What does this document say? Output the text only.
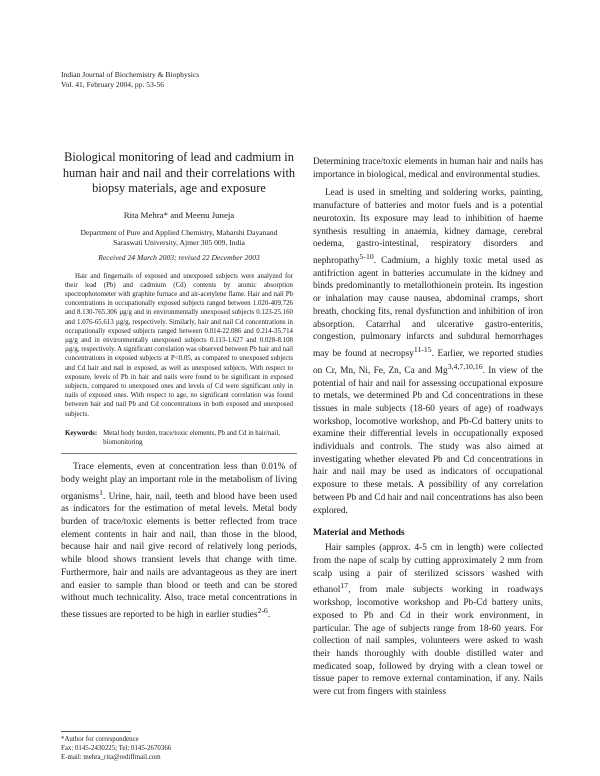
Indian Journal of Biochemistry & Biophysics
Vol. 41, February 2004, pp. 53-56
Biological monitoring of lead and cadmium in human hair and nail and their correlations with biopsy materials, age and exposure
Rita Mehra* and Meenu Juneja
Department of Pure and Applied Chemistry, Maharshi Dayanand Saraswati University, Ajmer 305 009, India
Received 24 March 2003; revised 22 December 2003
Hair and fingernails of exposed and unexposed subjects were analyzed for their lead (Pb) and cadmium (Cd) contents by atomic absorption spectrophotometer with graphite furnace and air-acetylene flame. Hair and nail Pb concentrations in occupationally exposed subjects ranged between 1.020-409.726 and 8.130-765.306 µg/g and in environmentally unexposed subjects 0.123-25.160 and 1.076-65.613 µg/g, respectively. Similarly, hair and nail Cd concentrations in occupationally exposed subjects ranged between 0.014-22.086 and 0.214-35.714 µg/g and in environmentally unexposed subjects 0.113-1.627 and 0.028-8.108 µg/g, respectively. A significant correlation was observed between Pb hair and nail concentrations in exposed subjects at P<0.05, as compared to unexposed subjects and Cd hair and nail in exposed, as well as unexposed subjects. With respect to exposure, levels of Pb in hair and nails were found to be significant in exposed subjects, compared to unexposed ones and levels of Cd were significant only in nails of exposed ones. With respect to age, no significant correlation was found between hair and nail Pb and Cd concentrations in both exposed and unexposed subjects.
Keywords: Metal body burden, trace/toxic elements, Pb and Cd in hair/nail, biomonitoring

Trace elements, even at concentration less than 0.01% of body weight play an important role in the metabolism of living organisms$^1$. Urine, hair, nail, teeth and blood have been used as indicators for the estimation of metal levels. Metal body burden of trace/toxic elements is better reflected from trace element contents in hair and nail, than those in the blood, because hair and nail give record of relatively long periods, while blood shows transient levels that change with time. Furthermore, hair and nails are advantageous as they are inert and easier to sample than blood or teeth and can be stored without much technicality. Also, trace metal concentrations in these tissues are reported to be high in earlier studies$^{2-6}$.

*Author for correspondence
Fax: 0145-2430225; Tel: 0145-2670366
E-mail: mehra_rita@rediffmail.com

Determining trace/toxic elements in human hair and nails has importance in biological, medical and environmental studies.

Lead is used in smelting and soldering works, painting, manufacture of batteries and motor fuels and is a potential neurotoxin. Its exposure may lead to inhibition of haeme synthesis resulting in anaemia, kidney damage, cerebral oedema, gastro-intestinal, respiratory disorders and nephropathy$^{5-10}$. Cadmium, a highly toxic metal used as antifriction agent in batteries accumulate in the kidney and binds predominantly to metallothionein protein. Its ingestion or inhalation may cause nausea, abdominal cramps, short breath, chocking fits, renal dysfunction and inhibition of iron absorption. Catarrhal and ulcerative gastro-enteritis, congestion, pulmonary infarcts and subdural hemorrhages may be found at necropsy$^{11-15}$. Earlier, we reported studies on Cr, Mn, Ni, Fe, Zn, Ca and Mg$^{3,4,7,10,16}$. In view of the potential of hair and nail for assessing occupational exposure to metals, we determined Pb and Cd concentrations in these tissues in male subjects (18-60 years of age) of roadways workshop, locomotive workshop, and Pb-Cd battery units to examine their differential levels in occupationally exposed individuals and controls. The study was also aimed at investigating whether elevated Pb and Cd concentrations in hair and nail may be used as indicators of occupational exposure to these metals. A possibility of any correlation between Pb and Cd hair and nail concentrations has also been explored.

Material and Methods

Hair samples (approx. 4-5 cm in length) were collected from the nape of scalp by cutting approximately 2 mm from scalp using a pair of sterilized scissors washed with ethanol$^{17}$, from male subjects working in roadways workshop, locomotive workshop and Pb-Cd battery units, exposed to Pb and Cd in their work environment, in particular. The age of subjects range from 18-60 years. For collection of nail samples, volunteers were asked to wash their hands thoroughly with double distilled water and medicated soap, followed by drying with a clean towel or tissue paper to remove external contamination, if any. Nails were cut from fingers with stainless
